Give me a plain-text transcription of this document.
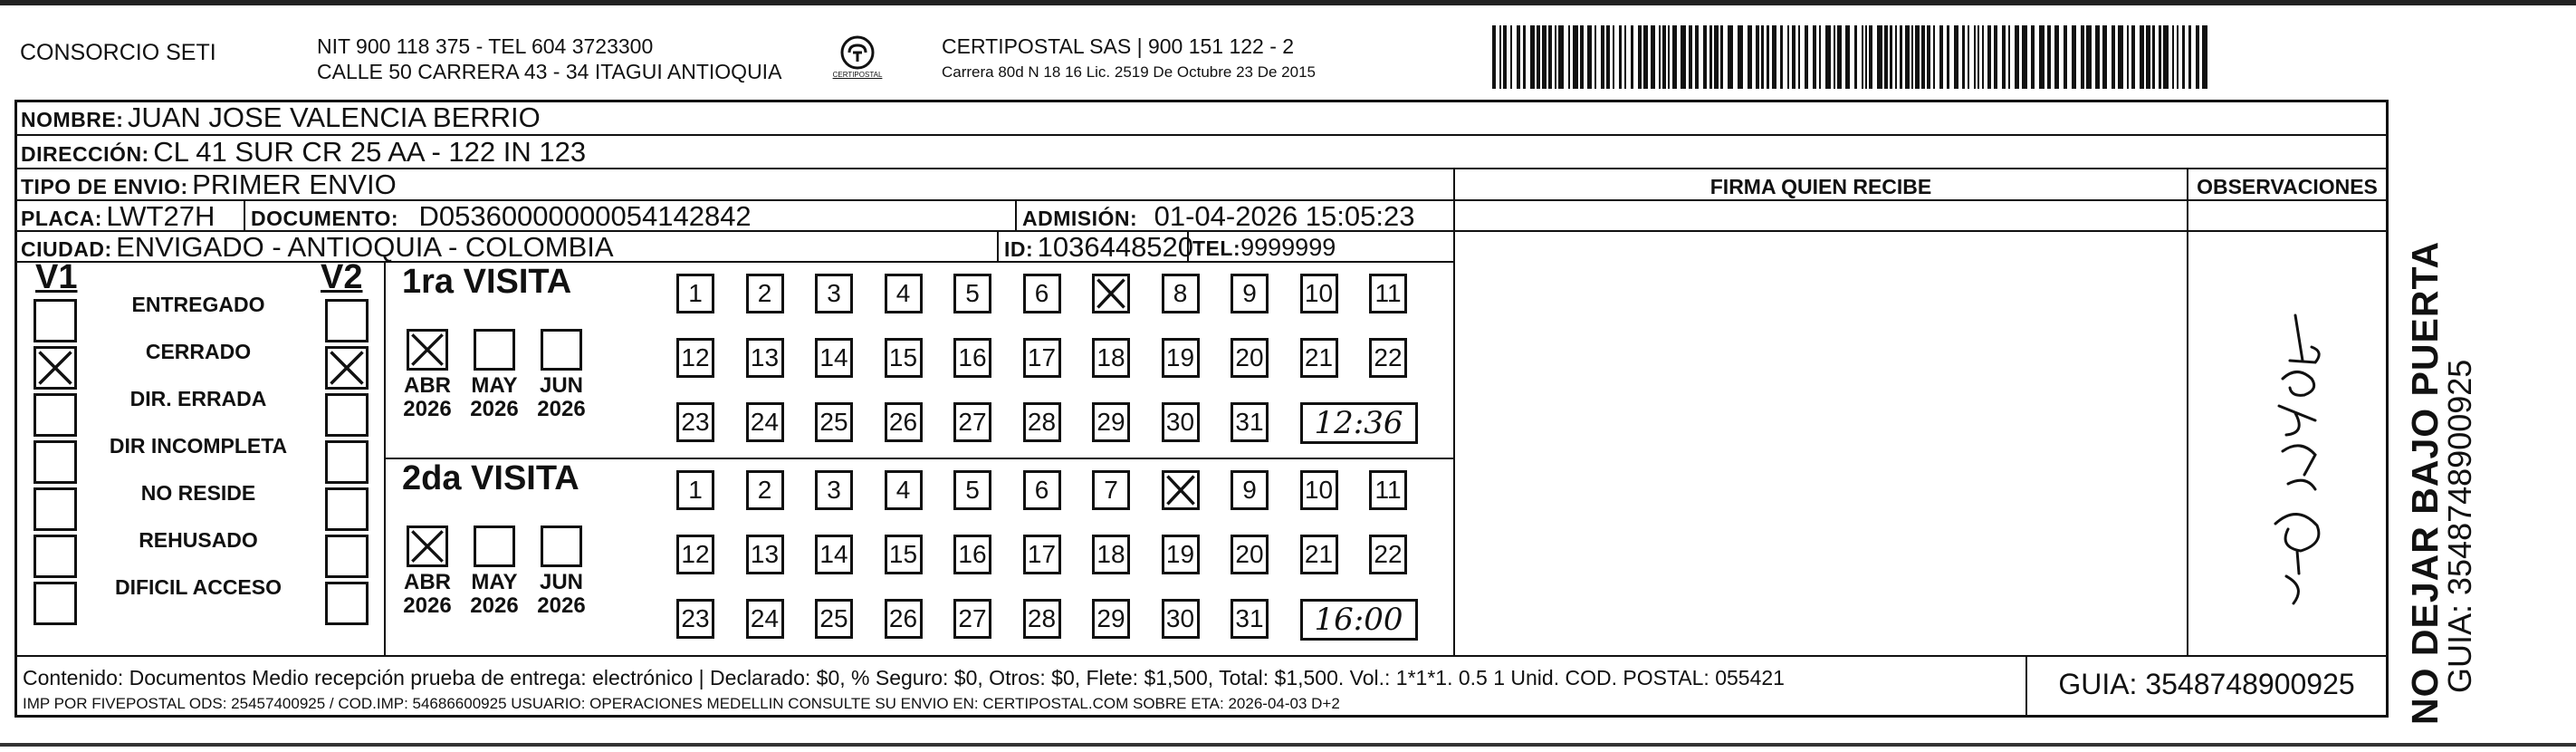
CONSORCIO SETI	NIT 900 118 375 - TEL 604 3723300
CALLE 50 CARRERA 43 - 34 ITAGUI ANTIOQUIA	CERTIPOSTAL
CERTIPOSTAL SAS | 900 151 122 - 2
Carrera 80d N 18 16 Lic. 2519 De Octubre 23 De 2015
NOMBRE: JUAN JOSE VALENCIA BERRIO
DIRECCIÓN: CL 41 SUR CR 25 AA - 122 IN 123
TIPO DE ENVIO: PRIMER ENVIO	FIRMA QUIEN RECIBE	OBSERVACIONES
PLACA: LWT27H DOCUMENTO: D05360000000054142842	ADMISIÓN: 01-04-2026 15:05:23
CIUDAD: ENVIGADO - ANTIOQUIA - COLOMBIA	ID: 1036448520
TEL:9999999
V1	V2
ENTREGADO
CERRADO
DIR. ERRADA
DIR INCOMPLETA
NO RESIDE
REHUSADO
DIFICIL ACCESO
1ra VISITA
ABR
2026
MAY
2026
JUN
2026
1	2	3	4	5	6	8	9	10 11
12 13 14 15 16 17 18 19 20 21 22
23 24 25 26 27 28 29 30 31	12:36
2da VISITA
ABR
2026
MAY
2026
JUN
2026
1	2	3	4	5	6	7	9	10 11
12 13 14 15 16 17 18 19 20 21 22
23 24 25 26 27 28 29 30 31	16:00
Contenido: Documentos Medio recepción prueba de entrega: electrónico | Declarado: $0, % Seguro: $0, Otros: $0, Flete: $1,500, Total: $1,500. Vol.: 1*1*1. 0.5 1 Unid. COD. POSTAL: 055421
IMP POR FIVEPOSTAL ODS: 25457400925 / COD.IMP: 54686600925 USUARIO: OPERACIONES MEDELLIN CONSULTE SU ENVIO EN: CERTIPOSTAL.COM SOBRE ETA: 2026-04-03 D+2
GUIA: 3548748900925	NO DEJAR BAJO PUERTA
GUIA: 3548748900925
